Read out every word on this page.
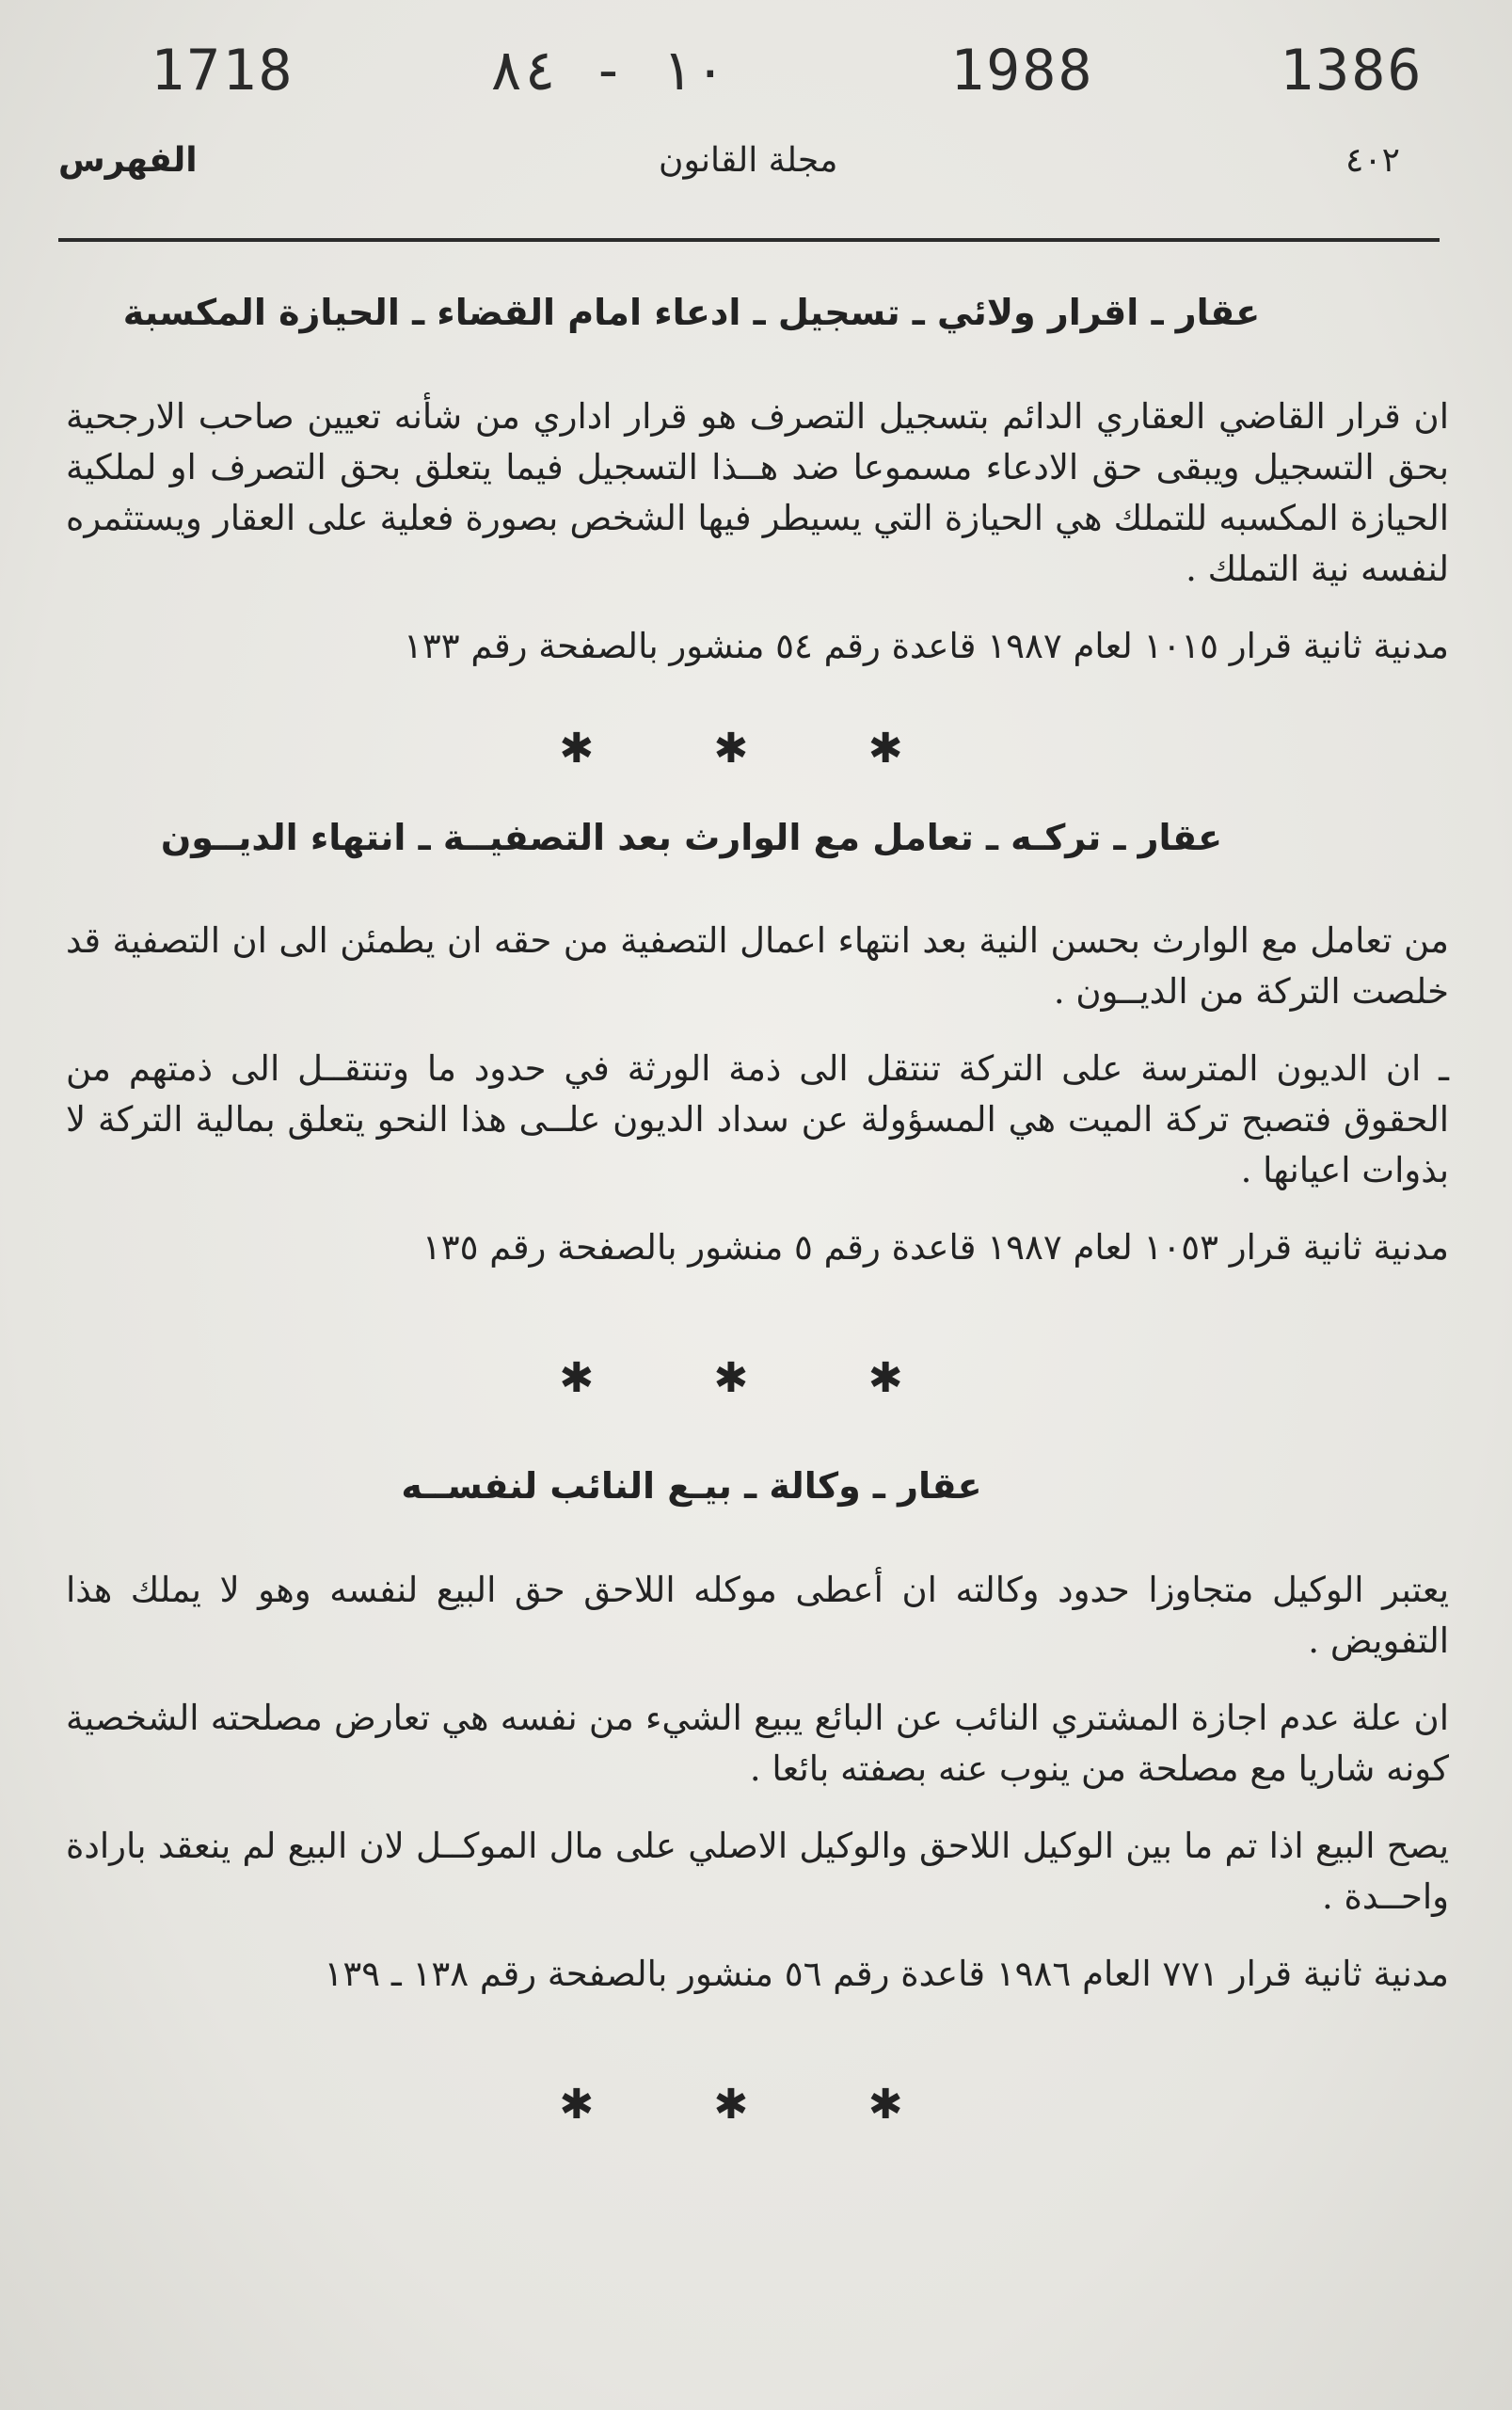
1386
1988
١٠ - ٨٤
1718
٤٠٢
مجلة القانون
الفهرس
عقار ـ اقرار ولائي ـ تسجيل ـ ادعاء امام القضاء ـ الحيازة المكسبة

ان قرار القاضي العقاري الدائم بتسجيل التصرف هو قرار اداري من شأنه تعيين صاحب الارجحية بحق التسجيل ويبقى حق الادعاء مسموعا ضد هــذا التسجيل فيما يتعلق بحق التصرف او لملكية الحيازة المكسبه للتملك هي الحيازة التي يسيطر فيها الشخص بصورة فعلية على العقار ويستثمره لنفسه نية التملك .

مدنية ثانية قرار ١٠١٥ لعام ١٩٨٧ قاعدة رقم ٥٤ منشور بالصفحة رقم ١٣٣

✱ ✱ ✱
عقار ـ تركـه ـ تعامل مع الوارث بعد التصفيــة ـ انتهاء الديــون

من تعامل مع الوارث بحسن النية بعد انتهاء اعمال التصفية من حقه ان يطمئن الى ان التصفية قد خلصت التركة من الديــون .

ـ ان الديون المترسة على التركة تنتقل الى ذمة الورثة في حدود ما وتنتقــل الى ذمتهم من الحقوق فتصبح تركة الميت هي المسؤولة عن سداد الديون علــى هذا النحو يتعلق بمالية التركة لا بذوات اعيانها .

مدنية ثانية قرار ١٠٥٣ لعام ١٩٨٧ قاعدة رقم ٥ منشور بالصفحة رقم ١٣٥

✱ ✱ ✱
عقار ـ وكالة ـ بيـع النائب لنفســه

يعتبر الوكيل متجاوزا حدود وكالته ان أعطى موكله اللاحق حق البيع لنفسه وهو لا يملك هذا التفويض .

ان علة عدم اجازة المشتري النائب عن البائع يبيع الشيء من نفسه هي تعارض مصلحته الشخصية كونه شاريا مع مصلحة من ينوب عنه بصفته بائعا .

يصح البيع اذا تم ما بين الوكيل اللاحق والوكيل الاصلي على مال الموكــل لان البيع لم ينعقد بارادة واحــدة .

مدنية ثانية قرار ٧٧١ العام ١٩٨٦ قاعدة رقم ٥٦ منشور بالصفحة رقم ١٣٨ ـ ١٣٩

✱ ✱ ✱
